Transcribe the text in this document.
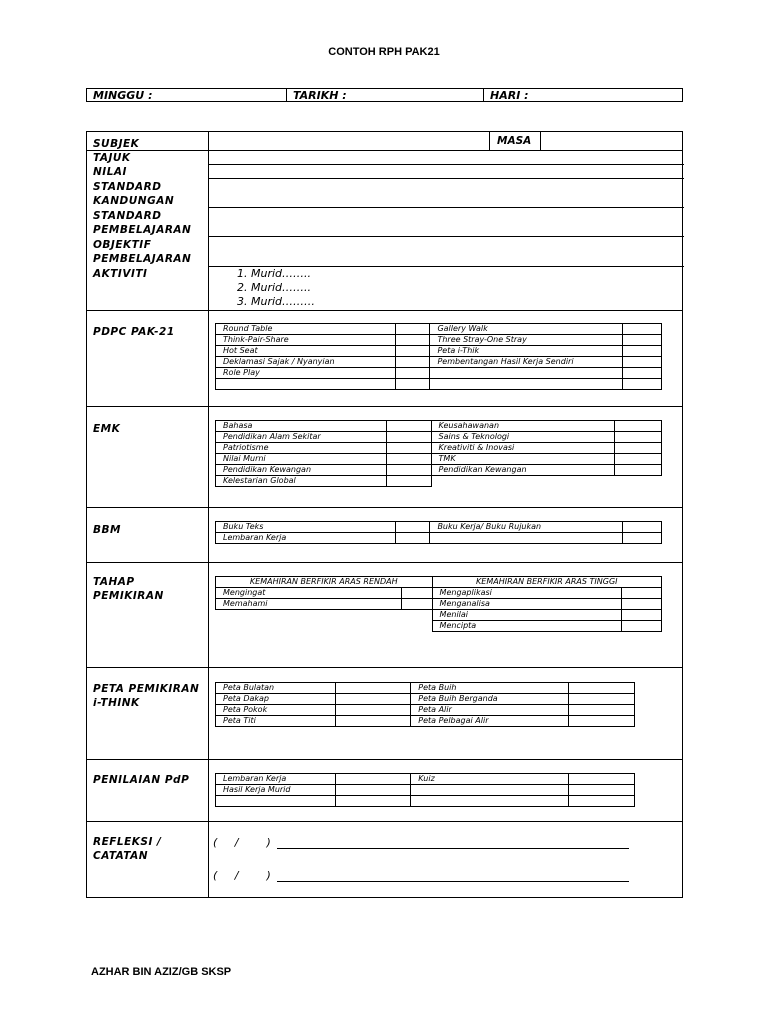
CONTOH RPH PAK21
MINGGU :	TARIKH :	HARI :
SUBJEK	MASA
TAJUK
NILAI
STANDARD
KANDUNGAN
STANDARD
PEMBELAJARAN
OBJEKTIF
PEMBELAJARAN
AKTIVITI	1. Murid……..
2. Murid……..
3. Murid………
PDPC PAK-21	Round Table		Gallery Walk	
Think-Pair-Share		Three Stray-One Stray	
Hot Seat		Peta i-Thik	
Deklamasi Sajak / Nyanyian		Pembentangan Hasil Kerja Sendiri	
Role Play			

EMK	Bahasa		Keusahawanan	
Pendidikan Alam Sekitar		Sains & Teknologi	
Patriotisme		Kreativiti & Inovasi	
Nilai Murni		TMK	
Pendidikan Kewangan		Pendidikan Kewangan	
Kelestarian Global			
BBM	Buku Teks		Buku Kerja/ Buku Rujukan	
Lembaran Kerja			
TAHAP
PEMIKIRAN
KEMAHIRAN BERFIKIR ARAS RENDAH		KEMAHIRAN BERFIKIR ARAS TINGGI	
Mengingat		Mengaplikasi	
Memahami		Menganalisa	
		Menilai	
		Mencipta	
PETA PEMIKIRAN
i-THINK
Peta Bulatan		Peta Buih	
Peta Dakap		Peta Buih Berganda	
Peta Pokok		Peta Alir	
Peta Titi		Peta Pelbagai Alir	
PENILAIAN PdP	Lembaran Kerja		Kuiz	
Hasil Kerja Murid			

REFLEKSI /
CATATAN
(     /        )
(     /        )
AZHAR BIN AZIZ/GB SKSP
